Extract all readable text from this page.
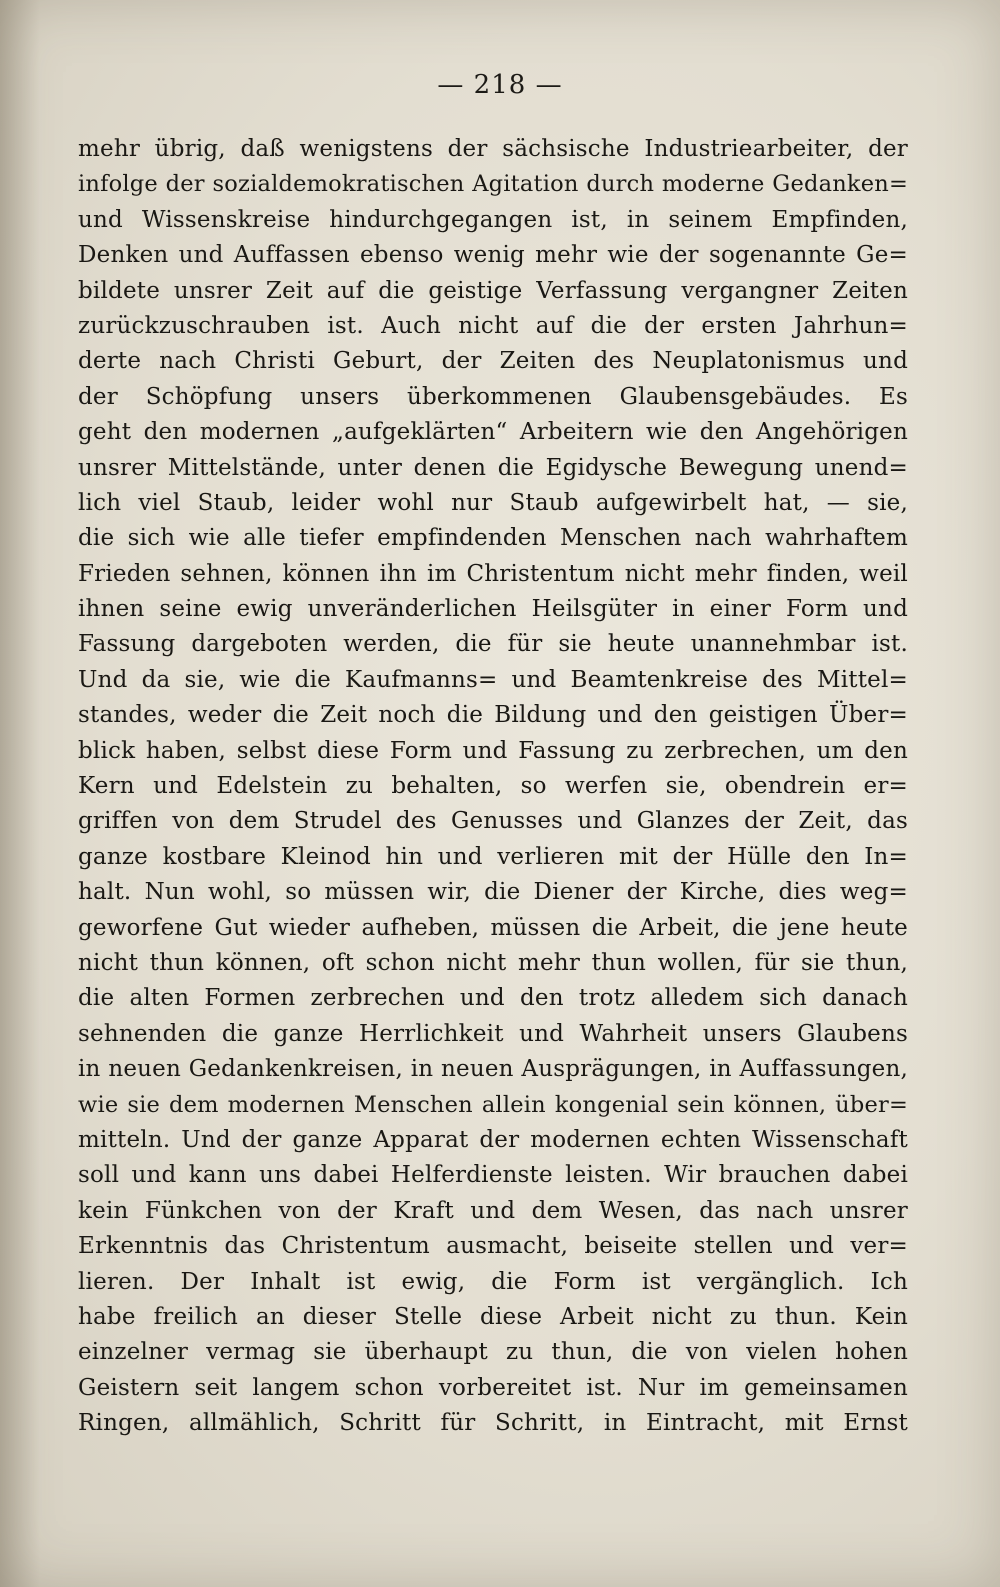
— 218 —
mehr übrig, daß wenigstens der sächsische Industriearbeiter, der
infolge der sozialdemokratischen Agitation durch moderne Gedanken=
und Wissenskreise hindurchgegangen ist, in seinem Empfinden,
Denken und Auffassen ebenso wenig mehr wie der sogenannte Ge=
bildete unsrer Zeit auf die geistige Verfassung vergangner Zeiten
zurückzuschrauben ist. Auch nicht auf die der ersten Jahrhun=
derte nach Christi Geburt, der Zeiten des Neuplatonismus und
der Schöpfung unsers überkommenen Glaubensgebäudes. Es
geht den modernen „aufgeklärten“ Arbeitern wie den Angehörigen
unsrer Mittelstände, unter denen die Egidysche Bewegung unend=
lich viel Staub, leider wohl nur Staub aufgewirbelt hat, — sie,
die sich wie alle tiefer empfindenden Menschen nach wahrhaftem
Frieden sehnen, können ihn im Christentum nicht mehr finden, weil
ihnen seine ewig unveränderlichen Heilsgüter in einer Form und
Fassung dargeboten werden, die für sie heute unannehmbar ist.
Und da sie, wie die Kaufmanns= und Beamtenkreise des Mittel=
standes, weder die Zeit noch die Bildung und den geistigen Über=
blick haben, selbst diese Form und Fassung zu zerbrechen, um den
Kern und Edelstein zu behalten, so werfen sie, obendrein er=
griffen von dem Strudel des Genusses und Glanzes der Zeit, das
ganze kostbare Kleinod hin und verlieren mit der Hülle den In=
halt. Nun wohl, so müssen wir, die Diener der Kirche, dies weg=
geworfene Gut wieder aufheben, müssen die Arbeit, die jene heute
nicht thun können, oft schon nicht mehr thun wollen, für sie thun,
die alten Formen zerbrechen und den trotz alledem sich danach
sehnenden die ganze Herrlichkeit und Wahrheit unsers Glaubens
in neuen Gedankenkreisen, in neuen Ausprägungen, in Auffassungen,
wie sie dem modernen Menschen allein kongenial sein können, über=
mitteln. Und der ganze Apparat der modernen echten Wissenschaft
soll und kann uns dabei Helferdienste leisten. Wir brauchen dabei
kein Fünkchen von der Kraft und dem Wesen, das nach unsrer
Erkenntnis das Christentum ausmacht, beiseite stellen und ver=
lieren. Der Inhalt ist ewig, die Form ist vergänglich. Ich
habe freilich an dieser Stelle diese Arbeit nicht zu thun. Kein
einzelner vermag sie überhaupt zu thun, die von vielen hohen
Geistern seit langem schon vorbereitet ist. Nur im gemeinsamen
Ringen, allmählich, Schritt für Schritt, in Eintracht, mit Ernst
